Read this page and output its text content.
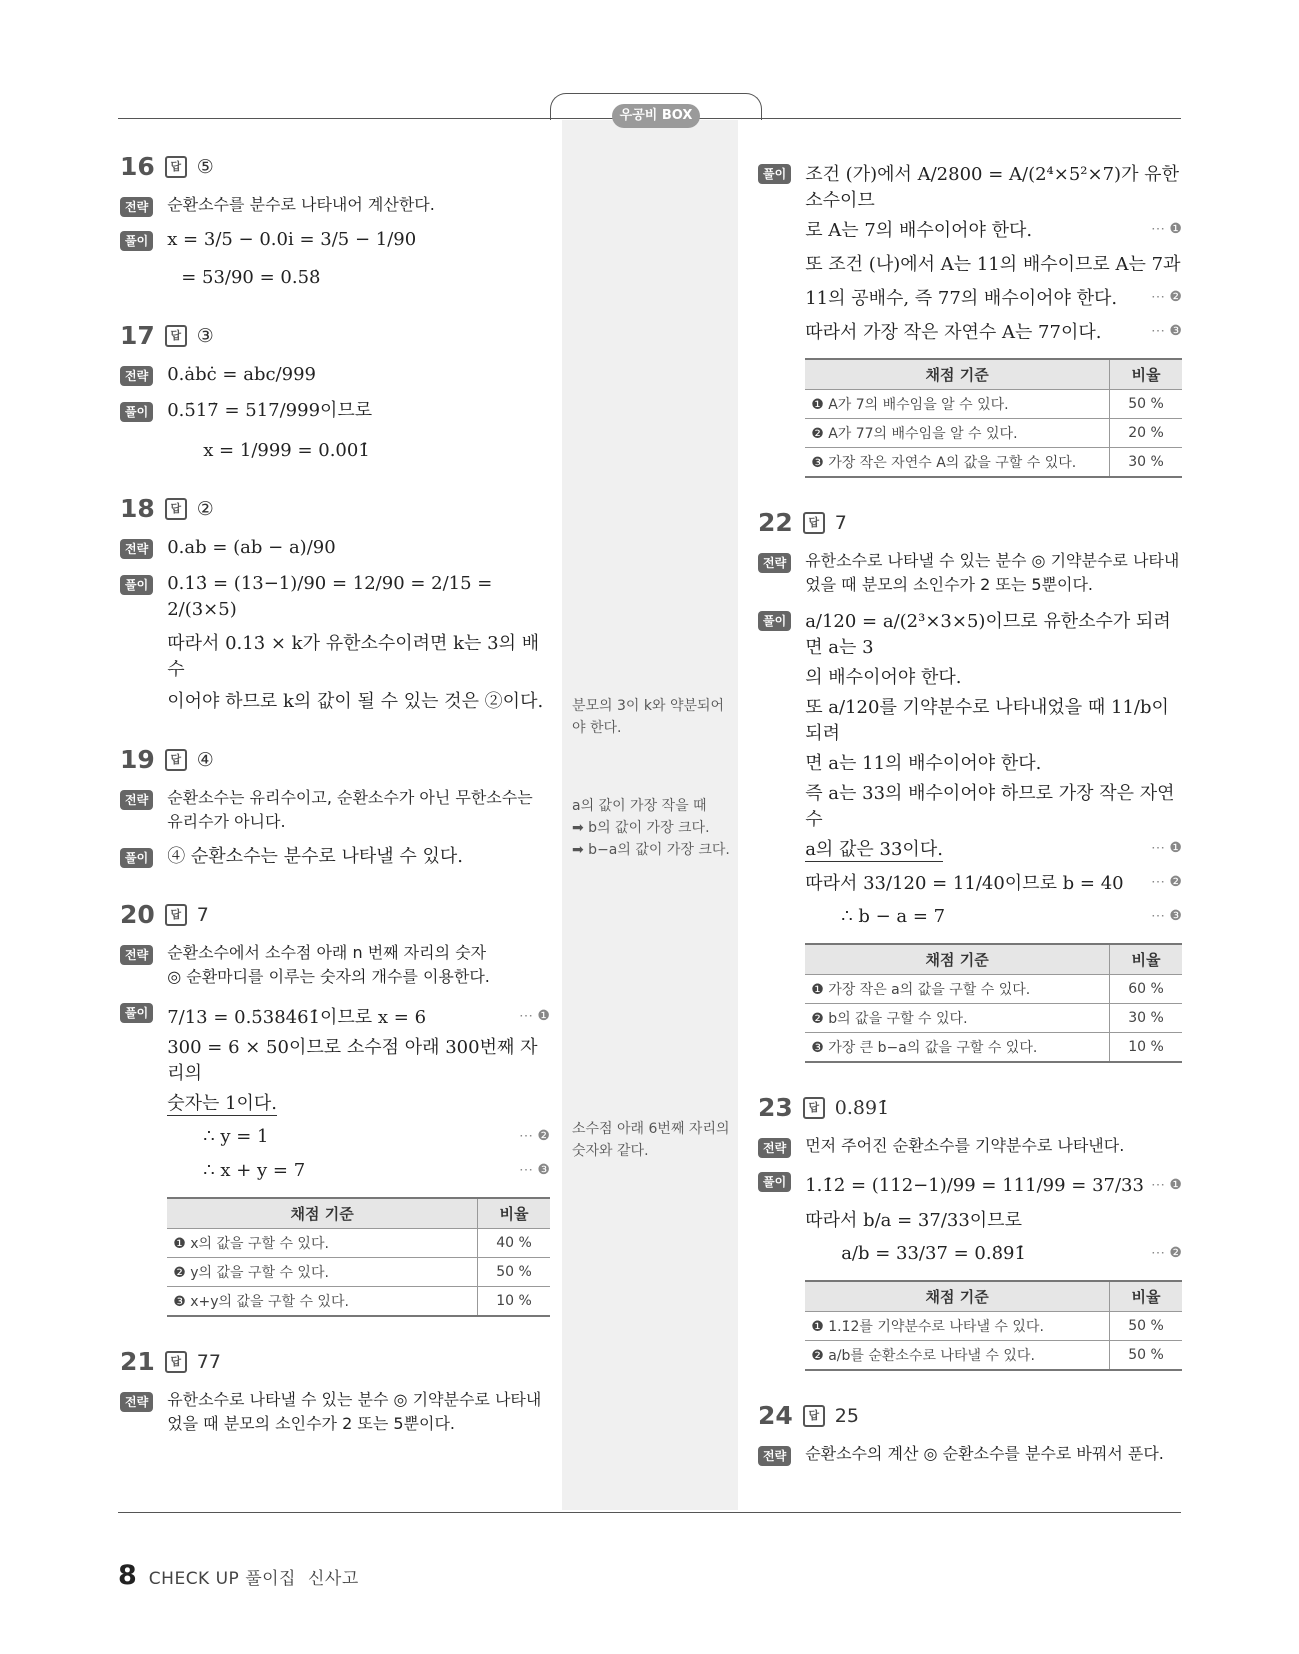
우공비 BOX
16	답 ⑤
전략	순환소수를 분수로 나타내어 계산한다.
풀이 x = 3/5 − 0.0i = 3/5 − 1/90
= 53/90 = 0.58̇
17	답 ③
전략 0.ȧbċ = abc/999
풀이 0.5̇17̇ = 517/999이므로
x = 1/999 = 0.0̇01̇
18	답 ②
전략 0.ab = (ab − a)/90
풀이 0.13̇ = (13−1)/90 = 12/90 = 2/15 = 2/(3×5)
따라서 0.13̇ × k가 유한소수이려면 k는 3의 배수
이어야 하므로 k의 값이 될 수 있는 것은 ②이다.
19	답 ④
전략	순환소수는 유리수이고, 순환소수가 아닌 무한소수는 유리수가 아니다.
풀이 ④ 순환소수는 분수로 나타낼 수 있다.
20	답 7
전략	순환소수에서 소수점 아래 n 번째 자리의 숫자
◎ 순환마디를 이루는 숫자의 개수를 이용한다.
풀이 7/13 = 0.5̇38461̇이므로 x = 6	⋯ ❶
300 = 6 × 50이므로 소수점 아래 300번째 자리의
숫자는 1이다.
∴ y = 1	⋯ ❷
∴ x + y = 7	⋯ ❸
채점 기준	비율
❶ x의 값을 구할 수 있다.	40 %
❷ y의 값을 구할 수 있다.	50 %
❸ x+y의 값을 구할 수 있다.	10 %
21	답 77
전략	유한소수로 나타낼 수 있는 분수 ◎ 기약분수로 나타내었을 때 분모의 소인수가 2 또는 5뿐이다.
분모의 3이 k와 약분되어야 한다.
a의 값이 가장 작을 때
➡ b의 값이 가장 크다.
➡ b−a의 값이 가장 크다.
소수점 아래 6번째 자리의 숫자와 같다.
풀이 조건 (가)에서 A/2800 = A/(2⁴×5²×7)가 유한소수이므
로 A는 7의 배수이어야 한다.	⋯ ❶
또 조건 (나)에서 A는 11의 배수이므로 A는 7과
11의 공배수, 즉 77의 배수이어야 한다. ⋯ ❷
따라서 가장 작은 자연수 A는 77이다.	⋯ ❸
채점 기준	비율
❶ A가 7의 배수임을 알 수 있다.	50 %
❷ A가 77의 배수임을 알 수 있다.	20 %
❸ 가장 작은 자연수 A의 값을 구할 수 있다.	30 %
22	답 7
전략	유한소수로 나타낼 수 있는 분수 ◎ 기약분수로 나타내었을 때 분모의 소인수가 2 또는 5뿐이다.
풀이 a/120 = a/(2³×3×5)이므로 유한소수가 되려면 a는 3
의 배수이어야 한다.
또 a/120를 기약분수로 나타내었을 때 11/b이 되려
면 a는 11의 배수이어야 한다.
즉 a는 33의 배수이어야 하므로 가장 작은 자연수
a의 값은 33이다.	⋯ ❶
따라서 33/120 = 11/40이므로 b = 40 ⋯ ❷
∴ b − a = 7	⋯ ❸
채점 기준	비율
❶ 가장 작은 a의 값을 구할 수 있다.	60 %
❷ b의 값을 구할 수 있다.	30 %
❸ 가장 큰 b−a의 값을 구할 수 있다.	10 %
23	답 0.8̇91̇
전략	먼저 주어진 순환소수를 기약분수로 나타낸다.
풀이 1.1̇2̇ = (112−1)/99 = 111/99 = 37/33 ⋯ ❶
따라서 b/a = 37/33이므로
a/b = 33/37 = 0.8̇91̇	⋯ ❷
채점 기준	비율
❶ 1.1̇2̇를 기약분수로 나타낼 수 있다.	50 %
❷ a/b를 순환소수로 나타낼 수 있다.	50 %
24	답 25
전략	순환소수의 계산 ◎ 순환소수를 분수로 바꿔서 푼다.
8 CHECK UP 풀이집 신사고
